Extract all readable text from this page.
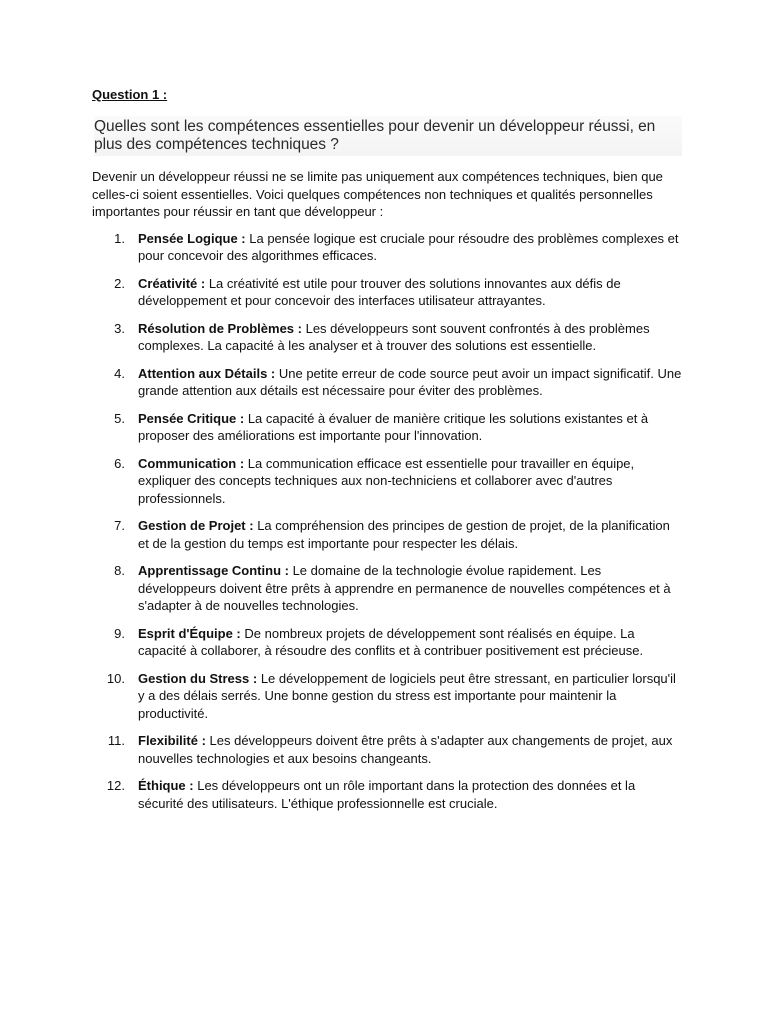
Question 1 :

Quelles sont les compétences essentielles pour devenir un développeur réussi, en plus des compétences techniques ?

Devenir un développeur réussi ne se limite pas uniquement aux compétences techniques, bien que celles-ci soient essentielles. Voici quelques compétences non techniques et qualités personnelles importantes pour réussir en tant que développeur :

1. Pensée Logique : La pensée logique est cruciale pour résoudre des problèmes complexes et pour concevoir des algorithmes efficaces.
2. Créativité : La créativité est utile pour trouver des solutions innovantes aux défis de développement et pour concevoir des interfaces utilisateur attrayantes.
3. Résolution de Problèmes : Les développeurs sont souvent confrontés à des problèmes complexes. La capacité à les analyser et à trouver des solutions est essentielle.
4. Attention aux Détails : Une petite erreur de code source peut avoir un impact significatif. Une grande attention aux détails est nécessaire pour éviter des problèmes.
5. Pensée Critique : La capacité à évaluer de manière critique les solutions existantes et à proposer des améliorations est importante pour l'innovation.
6. Communication : La communication efficace est essentielle pour travailler en équipe, expliquer des concepts techniques aux non-techniciens et collaborer avec d'autres professionnels.
7. Gestion de Projet : La compréhension des principes de gestion de projet, de la planification et de la gestion du temps est importante pour respecter les délais.
8. Apprentissage Continu : Le domaine de la technologie évolue rapidement. Les développeurs doivent être prêts à apprendre en permanence de nouvelles compétences et à s'adapter à de nouvelles technologies.
9. Esprit d'Équipe : De nombreux projets de développement sont réalisés en équipe. La capacité à collaborer, à résoudre des conflits et à contribuer positivement est précieuse.
10. Gestion du Stress : Le développement de logiciels peut être stressant, en particulier lorsqu'il y a des délais serrés. Une bonne gestion du stress est importante pour maintenir la productivité.
11. Flexibilité : Les développeurs doivent être prêts à s'adapter aux changements de projet, aux nouvelles technologies et aux besoins changeants.
12. Éthique : Les développeurs ont un rôle important dans la protection des données et la sécurité des utilisateurs. L'éthique professionnelle est cruciale.
